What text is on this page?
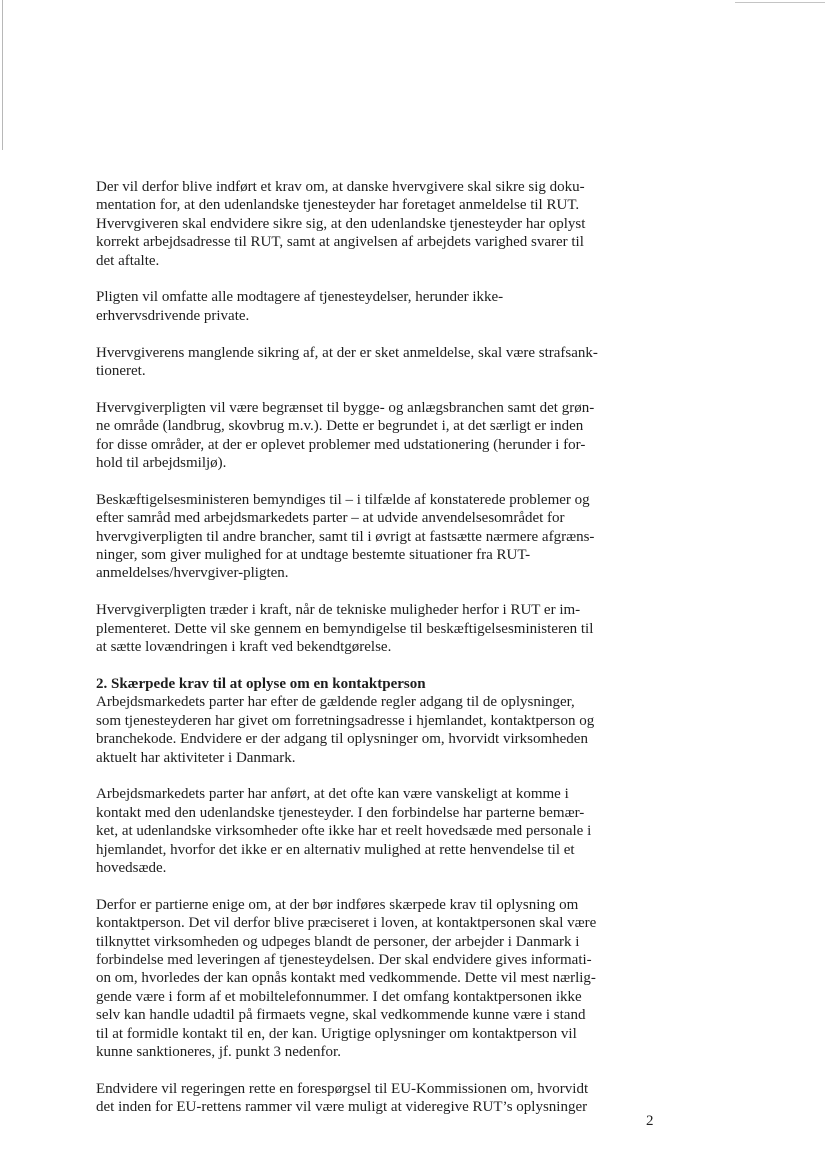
Der vil derfor blive indført et krav om, at danske hvervgivere skal sikre sig doku-
mentation for, at den udenlandske tjenesteyder har foretaget anmeldelse til RUT.
Hvervgiveren skal endvidere sikre sig, at den udenlandske tjenesteyder har oplyst
korrekt arbejdsadresse til RUT, samt at angivelsen af arbejdets varighed svarer til
det aftalte.
Pligten vil omfatte alle modtagere af tjenesteydelser, herunder ikke-
erhvervsdrivende private.
Hvervgiverens manglende sikring af, at der er sket anmeldelse, skal være strafsank-
tioneret.
Hvervgiverpligten vil være begrænset til bygge- og anlægsbranchen samt det grøn-
ne område (landbrug, skovbrug m.v.). Dette er begrundet i, at det særligt er inden
for disse områder, at der er oplevet problemer med udstationering (herunder i for-
hold til arbejdsmiljø).
Beskæftigelsesministeren bemyndiges til – i tilfælde af konstaterede problemer og
efter samråd med arbejdsmarkedets parter – at udvide anvendelsesområdet for
hvervgiverpligten til andre brancher, samt til i øvrigt at fastsætte nærmere afgræns-
ninger, som giver mulighed for at undtage bestemte situationer fra RUT-
anmeldelses/hvervgiver-pligten.
Hvervgiverpligten træder i kraft, når de tekniske muligheder herfor i RUT er im-
plementeret. Dette vil ske gennem en bemyndigelse til beskæftigelsesministeren til
at sætte lovændringen i kraft ved bekendtgørelse.
2. Skærpede krav til at oplyse om en kontaktperson
Arbejdsmarkedets parter har efter de gældende regler adgang til de oplysninger,
som tjenesteyderen har givet om forretningsadresse i hjemlandet, kontaktperson og
branchekode. Endvidere er der adgang til oplysninger om, hvorvidt virksomheden
aktuelt har aktiviteter i Danmark.
Arbejdsmarkedets parter har anført, at det ofte kan være vanskeligt at komme i
kontakt med den udenlandske tjenesteyder. I den forbindelse har parterne bemær-
ket, at udenlandske virksomheder ofte ikke har et reelt hovedsæde med personale i
hjemlandet, hvorfor det ikke er en alternativ mulighed at rette henvendelse til et
hovedsæde.
Derfor er partierne enige om, at der bør indføres skærpede krav til oplysning om
kontaktperson. Det vil derfor blive præciseret i loven, at kontaktpersonen skal være
tilknyttet virksomheden og udpeges blandt de personer, der arbejder i Danmark i
forbindelse med leveringen af tjenesteydelsen. Der skal endvidere gives informati-
on om, hvorledes der kan opnås kontakt med vedkommende. Dette vil mest nærlig-
gende være i form af et mobiltelefonnummer. I det omfang kontaktpersonen ikke
selv kan handle udadtil på firmaets vegne, skal vedkommende kunne være i stand
til at formidle kontakt til en, der kan. Urigtige oplysninger om kontaktperson vil
kunne sanktioneres, jf. punkt 3 nedenfor.
Endvidere vil regeringen rette en forespørgsel til EU-Kommissionen om, hvorvidt
det inden for EU-rettens rammer vil være muligt at videregive RUT’s oplysninger
2
